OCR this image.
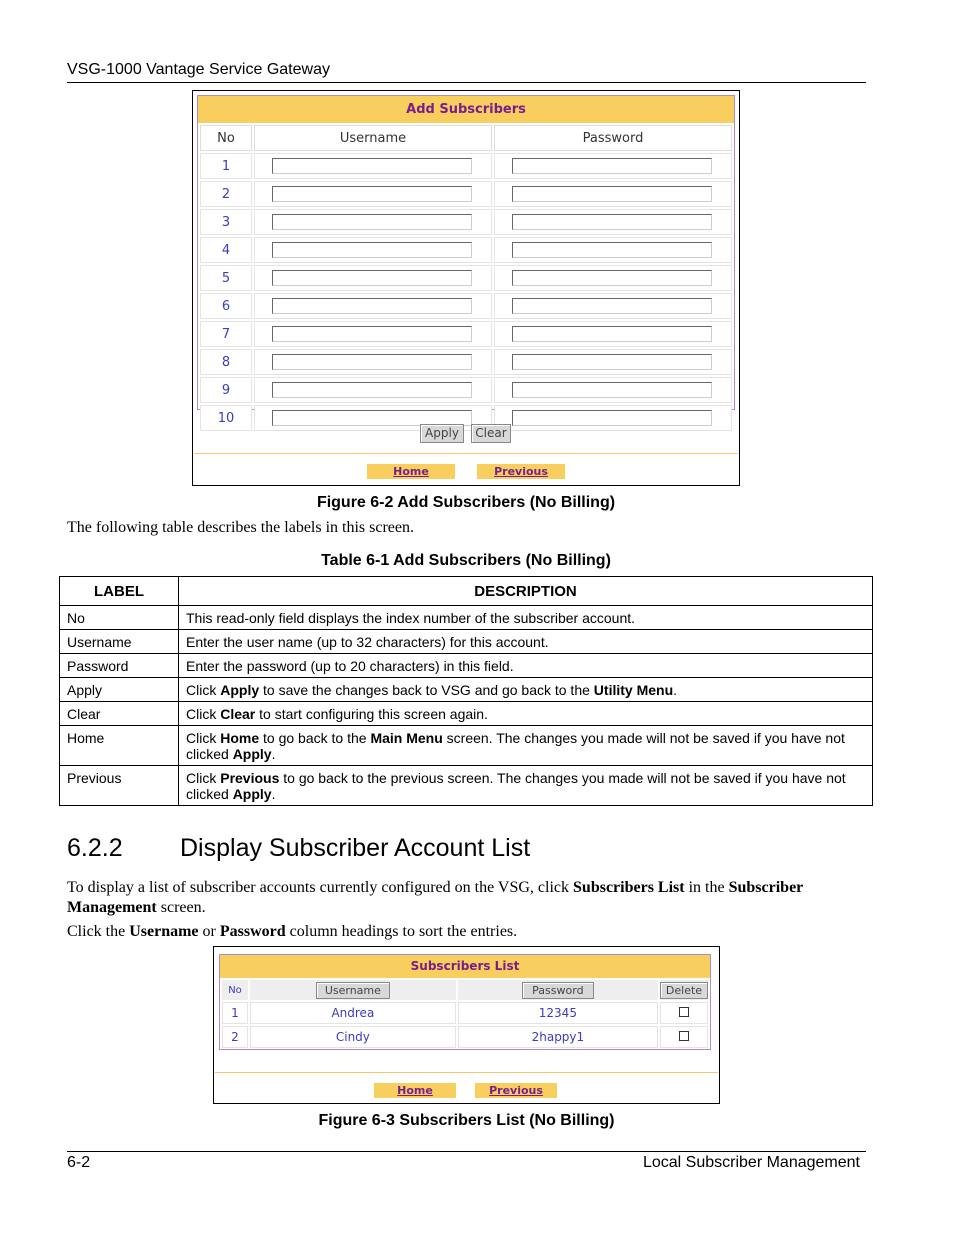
VSG-1000 Vantage Service Gateway
Add Subscribers
No	Username	Password
1	

2	

3	

4	

5	

6	

7	

8	

9	

10	

Apply	Clear
Home	Previous
Figure 6-2 Add Subscribers (No Billing)
The following table describes the labels in this screen.
Table 6-1 Add Subscribers (No Billing)
LABEL	DESCRIPTION
No	This read-only field displays the index number of the subscriber account.
Username	Enter the user name (up to 32 characters) for this account.
Password	Enter the password (up to 20 characters) in this field.
Apply	Click Apply to save the changes back to VSG and go back to the Utility Menu.
Clear	Click Clear to start configuring this screen again.
Home	Click Home to go back to the Main Menu screen. The changes you made will not be saved if you have not clicked Apply.
Previous	Click Previous to go back to the previous screen. The changes you made will not be saved if you have not clicked Apply.
6.2.2 Display Subscriber Account List
To display a list of subscriber accounts currently configured on the VSG, click Subscribers List in the Subscriber Management screen.
Click the Username or Password column headings to sort the entries.
Subscribers List
No	Username	Password	Delete
1	Andrea	12345	
2	Cindy	2happy1	
Home	Previous
Figure 6-3 Subscribers List (No Billing)
6-2	Local Subscriber Management
